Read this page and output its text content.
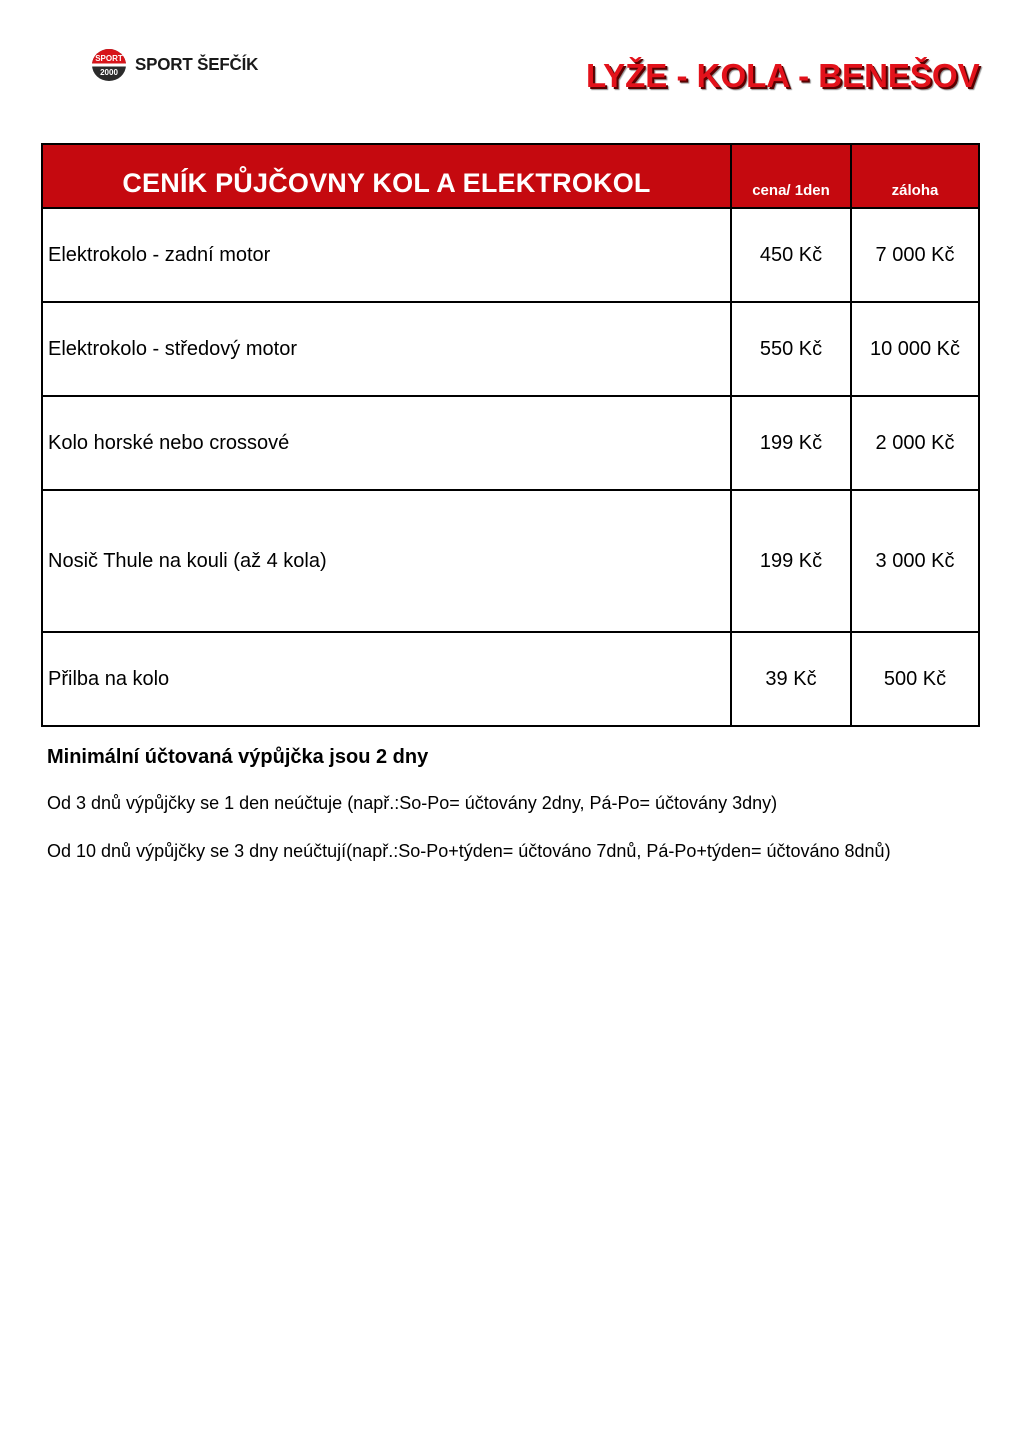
SPORT
2000 SPORT ŠEFČÍK	LYŽE - KOLA - BENEŠOV
CENÍK PŮJČOVNY KOL A ELEKTROKOL	cena/ 1den	záloha
Elektrokolo - zadní motor	450 Kč	7 000 Kč
Elektrokolo - středový motor	550 Kč	10 000 Kč
Kolo horské nebo crossové	199 Kč	2 000 Kč
Nosič Thule na kouli (až 4 kola)	199 Kč	3 000 Kč
Přilba na kolo	39 Kč	500 Kč

Minimální účtovaná výpůjčka jsou 2 dny

Od 3 dnů výpůjčky se 1 den neúčtuje (např.:So-Po= účtovány 2dny, Pá-Po= účtovány 3dny)

Od 10 dnů výpůjčky se 3 dny neúčtují(např.:So-Po+týden= účtováno 7dnů, Pá-Po+týden= účtováno 8dnů)
